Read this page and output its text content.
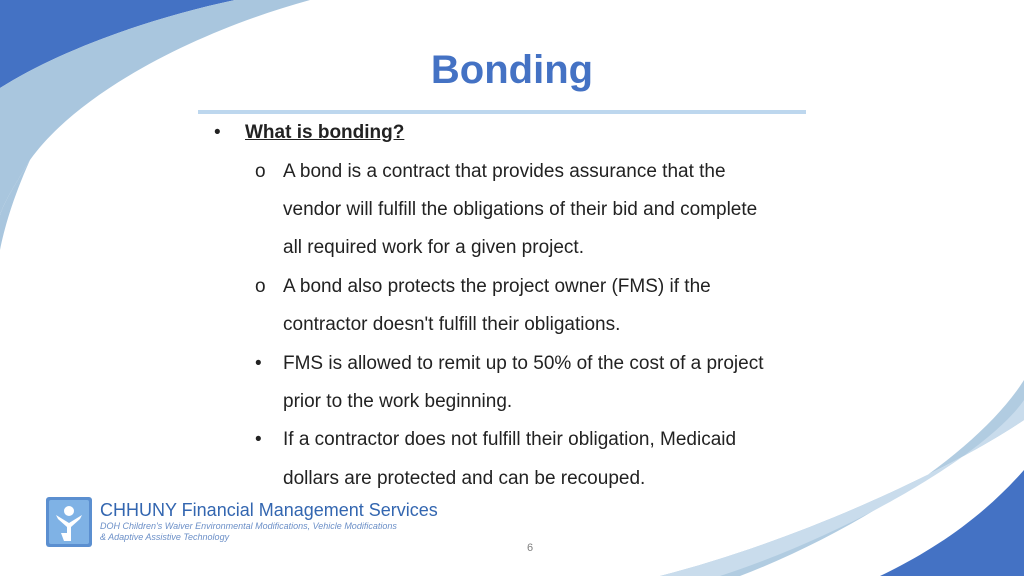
Bonding
• What is bonding?
o A bond is a contract that provides assurance that the
vendor will fulfill the obligations of their bid and complete
all required work for a given project.
o A bond also protects the project owner (FMS) if the
contractor doesn't fulfill their obligations.
• FMS is allowed to remit up to 50% of the cost of a project
prior to the work beginning.
• If a contractor does not fulfill their obligation, Medicaid
dollars are protected and can be recouped.
CHHUNY Financial Management Services
DOH Children's Waiver Environmental Modifications, Vehicle Modifications
& Adaptive Assistive Technology
6
